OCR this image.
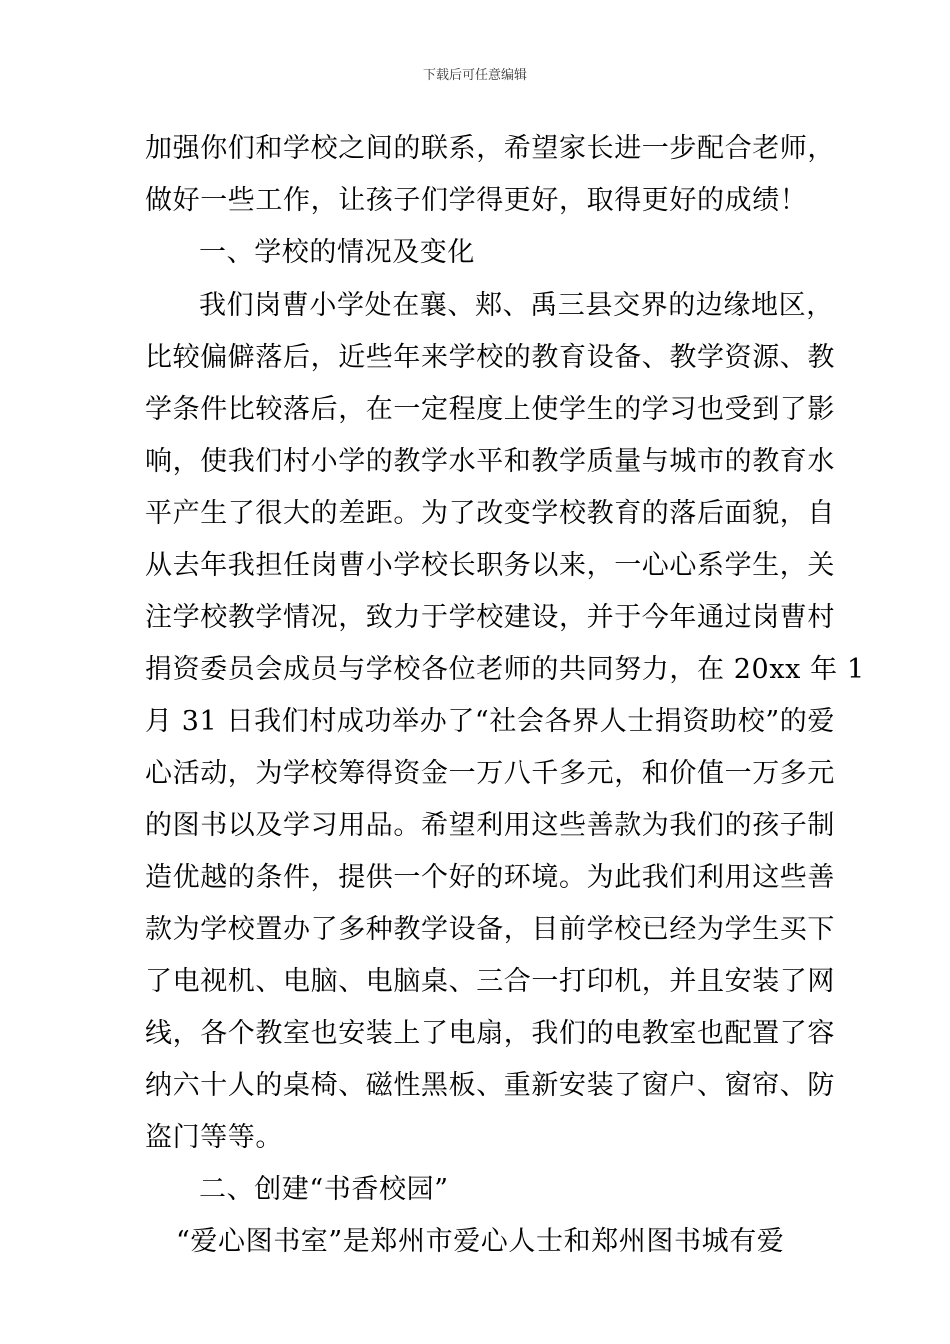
下载后可任意编辑
加强你们和学校之间的联系，希望家长进一步配合老师，
做好一些工作，让孩子们学得更好，取得更好的成绩！
一、学校的情况及变化
我们岗曹小学处在襄、郏、禹三县交界的边缘地区，
比较偏僻落后，近些年来学校的教育设备、教学资源、教
学条件比较落后，在一定程度上使学生的学习也受到了影
响，使我们村小学的教学水平和教学质量与城市的教育水
平产生了很大的差距。为了改变学校教育的落后面貌，自
从去年我担任岗曹小学校长职务以来，一心心系学生，关
注学校教学情况，致力于学校建设，并于今年通过岗曹村
捐资委员会成员与学校各位老师的共同努力，在 20xx 年 1
月 31 日我们村成功举办了“社会各界人士捐资助校”的爱
心活动，为学校筹得资金一万八千多元，和价值一万多元
的图书以及学习用品。希望利用这些善款为我们的孩子制
造优越的条件，提供一个好的环境。为此我们利用这些善
款为学校置办了多种教学设备，目前学校已经为学生买下
了电视机、电脑、电脑桌、三合一打印机，并且安装了网
线，各个教室也安装上了电扇，我们的电教室也配置了容
纳六十人的桌椅、磁性黑板、重新安装了窗户、窗帘、防
盗门等等。
二、创建“书香校园”
“爱心图书室”是郑州市爱心人士和郑州图书城有爱
